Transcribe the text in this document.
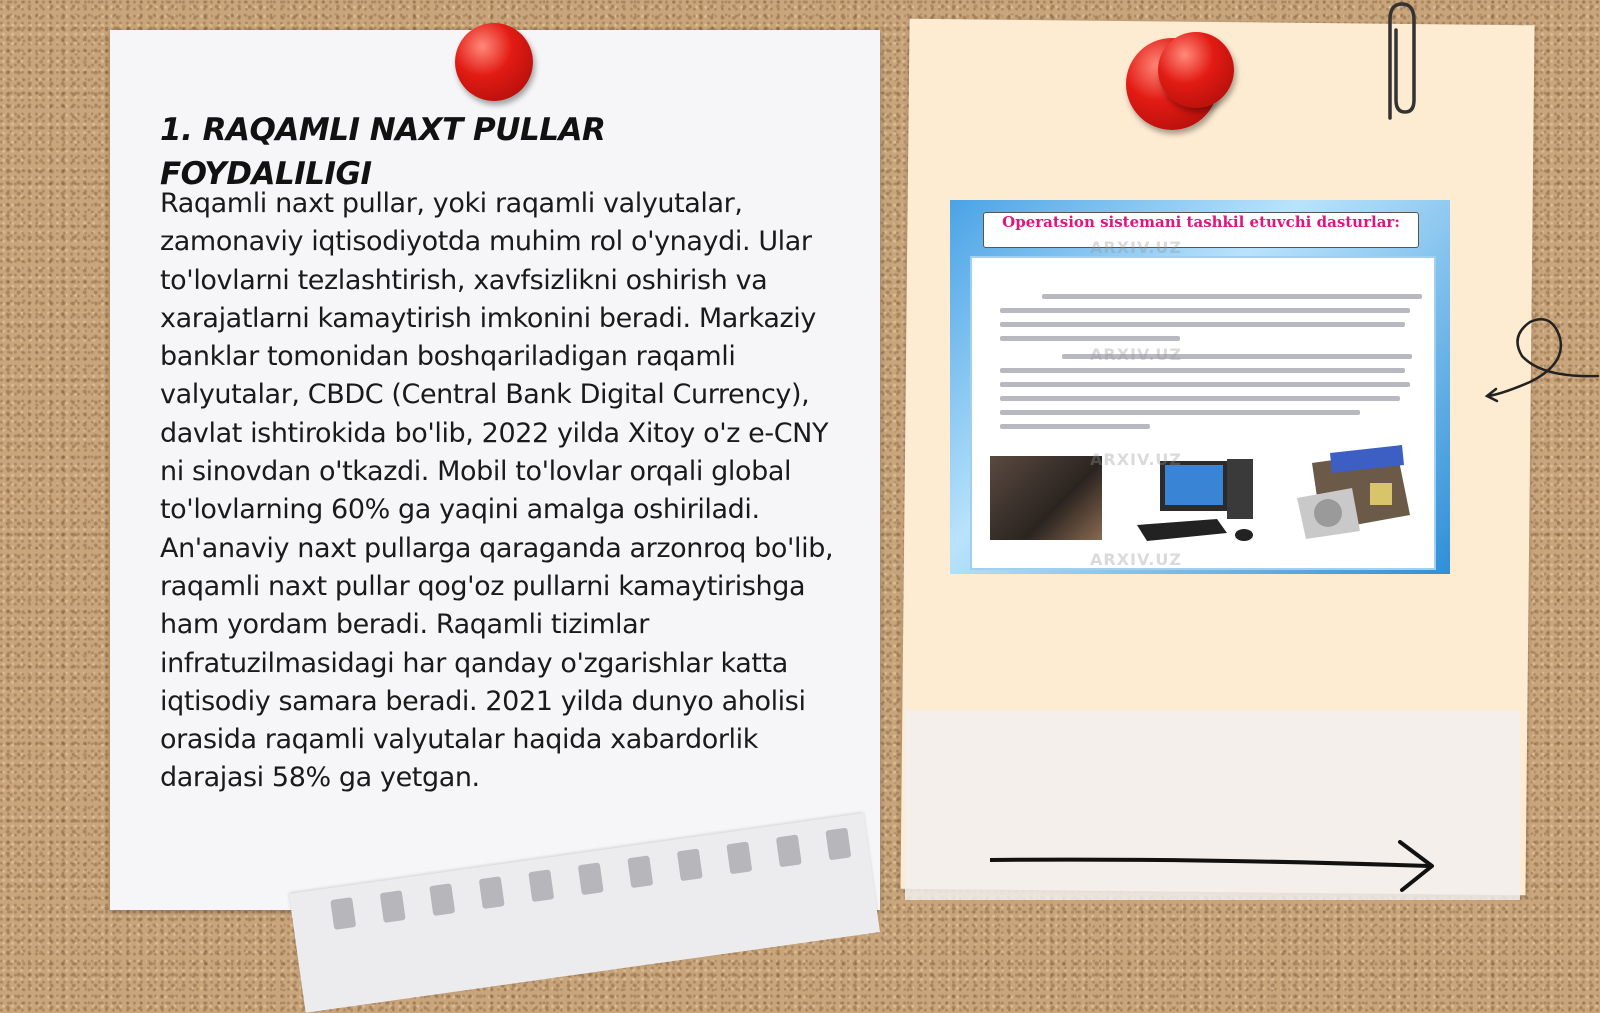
1. RAQAMLI NAXT PULLAR FOYDALILIGI
Raqamli naxt pullar, yoki raqamli valyutalar, zamonaviy iqtisodiyotda muhim rol o'ynaydi. Ular to'lovlarni tezlashtirish, xavfsizlikni oshirish va xarajatlarni kamaytirish imkonini beradi. Markaziy banklar tomonidan boshqariladigan raqamli valyutalar, CBDC (Central Bank Digital Currency), davlat ishtirokida bo'lib, 2022 yilda Xitoy o'z e-CNY ni sinovdan o'tkazdi. Mobil to'lovlar orqali global to'lovlarning 60% ga yaqini amalga oshiriladi. An'anaviy naxt pullarga qaraganda arzonroq bo'lib, raqamli naxt pullar qog'oz pullarni kamaytirishga ham yordam beradi. Raqamli tizimlar infratuzilmasidagi har qanday o'zgarishlar katta iqtisodiy samara beradi. 2021 yilda dunyo aholisi orasida raqamli valyutalar haqida xabardorlik darajasi 58% ga yetgan.
Operatsion sistemani tashkil etuvchi dasturlar:
ARXIV.UZ
ARXIV.UZ
ARXIV.UZ
ARXIV.UZ
